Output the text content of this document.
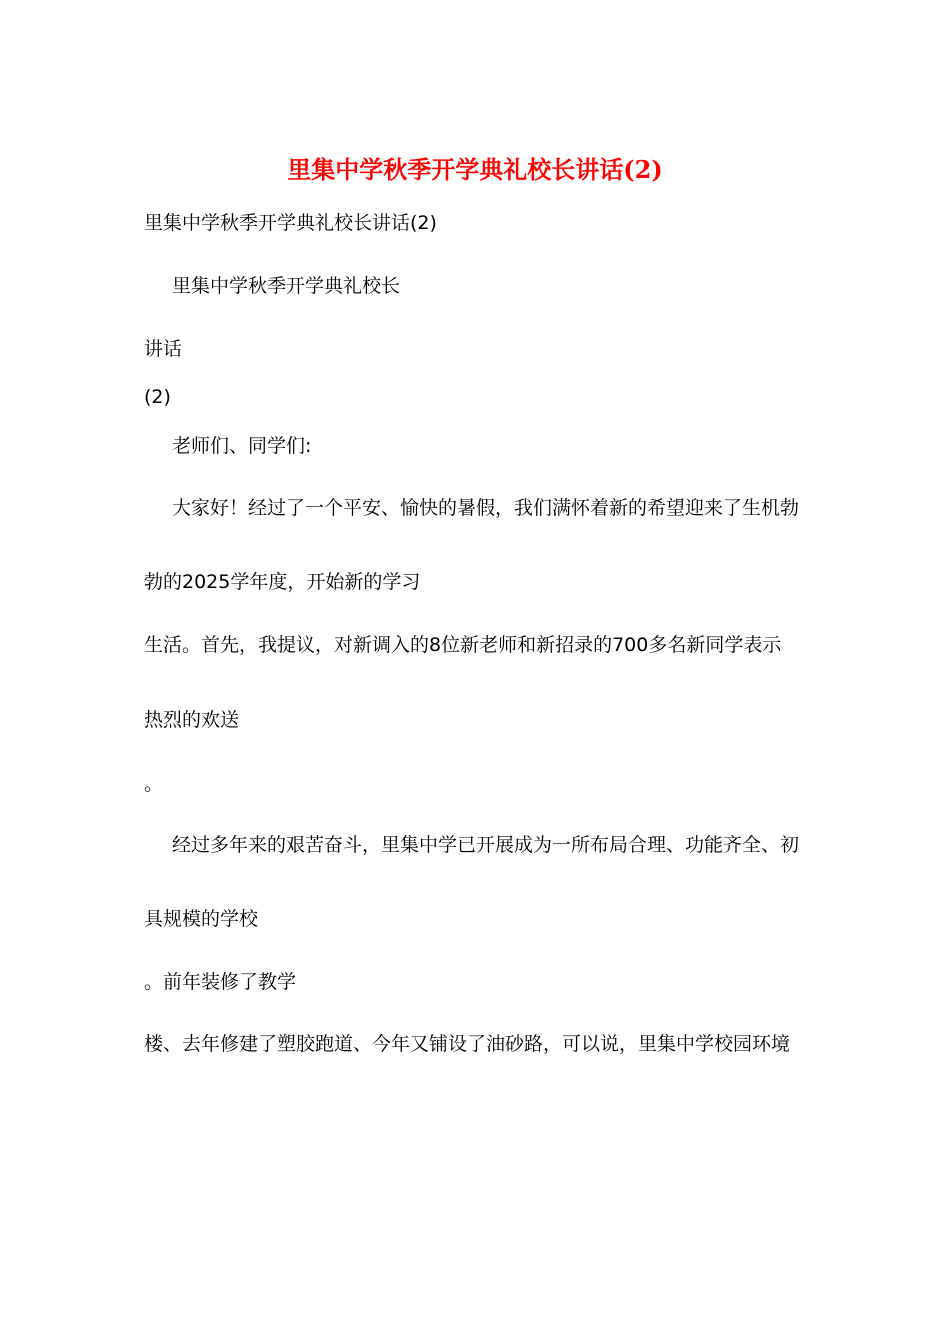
里集中学秋季开学典礼校长讲话(2)
里集中学秋季开学典礼校长讲话(2)
里集中学秋季开学典礼校长
讲话
(2)
老师们、同学们:
大家好！经过了一个平安、愉快的暑假，我们满怀着新的希望迎来了生机勃
勃的2025学年度，开始新的学习
生活。首先，我提议，对新调入的8位新老师和新招录的700多名新同学表示
热烈的欢送
。
经过多年来的艰苦奋斗，里集中学已开展成为一所布局合理、功能齐全、初
具规模的学校
。前年装修了教学
楼、去年修建了塑胶跑道、今年又铺设了油砂路，可以说，里集中学校园环境
